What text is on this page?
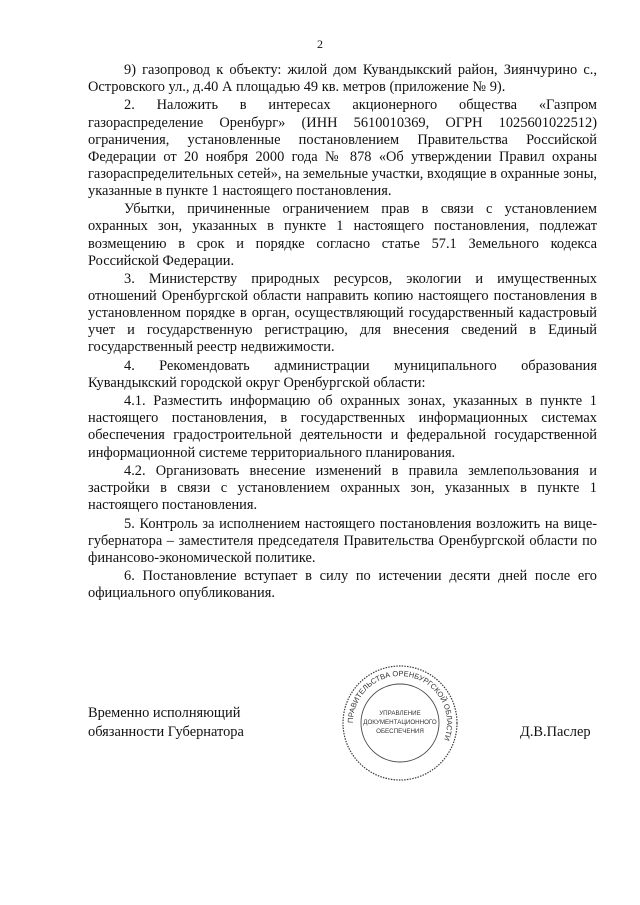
2

9) газопровод к объекту: жилой дом Кувандыкский район, Зиянчурино с., Островского ул., д.40 А площадью 49 кв. метров (приложение № 9).

2. Наложить в интересах акционерного общества «Газпром газораспределение Оренбург» (ИНН 5610010369, ОГРН 1025601022512) ограничения, установленные постановлением Правительства Российской Федерации от 20 ноября 2000 года № 878 «Об утверждении Правил охраны газораспределительных сетей», на земельные участки, входящие в охранные зоны, указанные в пункте 1 настоящего постановления.

Убытки, причиненные ограничением прав в связи с установлением охранных зон, указанных в пункте 1 настоящего постановления, подлежат возмещению в срок и порядке согласно статье 57.1 Земельного кодекса Российской Федерации.

3. Министерству природных ресурсов, экологии и имущественных отношений Оренбургской области направить копию настоящего постановления в установленном порядке в орган, осуществляющий государственный кадастровый учет и государственную регистрацию, для внесения сведений в Единый государственный реестр недвижимости.

4. Рекомендовать администрации муниципального образования Кувандыкский городской округ Оренбургской области:

4.1. Разместить информацию об охранных зонах, указанных в пункте 1 настоящего постановления, в государственных информационных системах обеспечения градостроительной деятельности и федеральной государственной информационной системе территориального планирования.

4.2. Организовать внесение изменений в правила землепользования и застройки в связи с установлением охранных зон, указанных в пункте 1 настоящего постановления.

5. Контроль за исполнением настоящего постановления возложить на вице-губернатора – заместителя председателя Правительства Оренбургской области по финансово-экономической политике.

6. Постановление вступает в силу по истечении десяти дней после его официального опубликования.

Временно исполняющий
обязанности Губернатора
ПРАВИТЕЛЬСТВА ОРЕНБУРГСКОЙ ОБЛАСТИ
УПРАВЛЕНИЕ
ДОКУМЕНТАЦИОННОГО
ОБЕСПЕЧЕНИЯ	Д.В.Паслер
